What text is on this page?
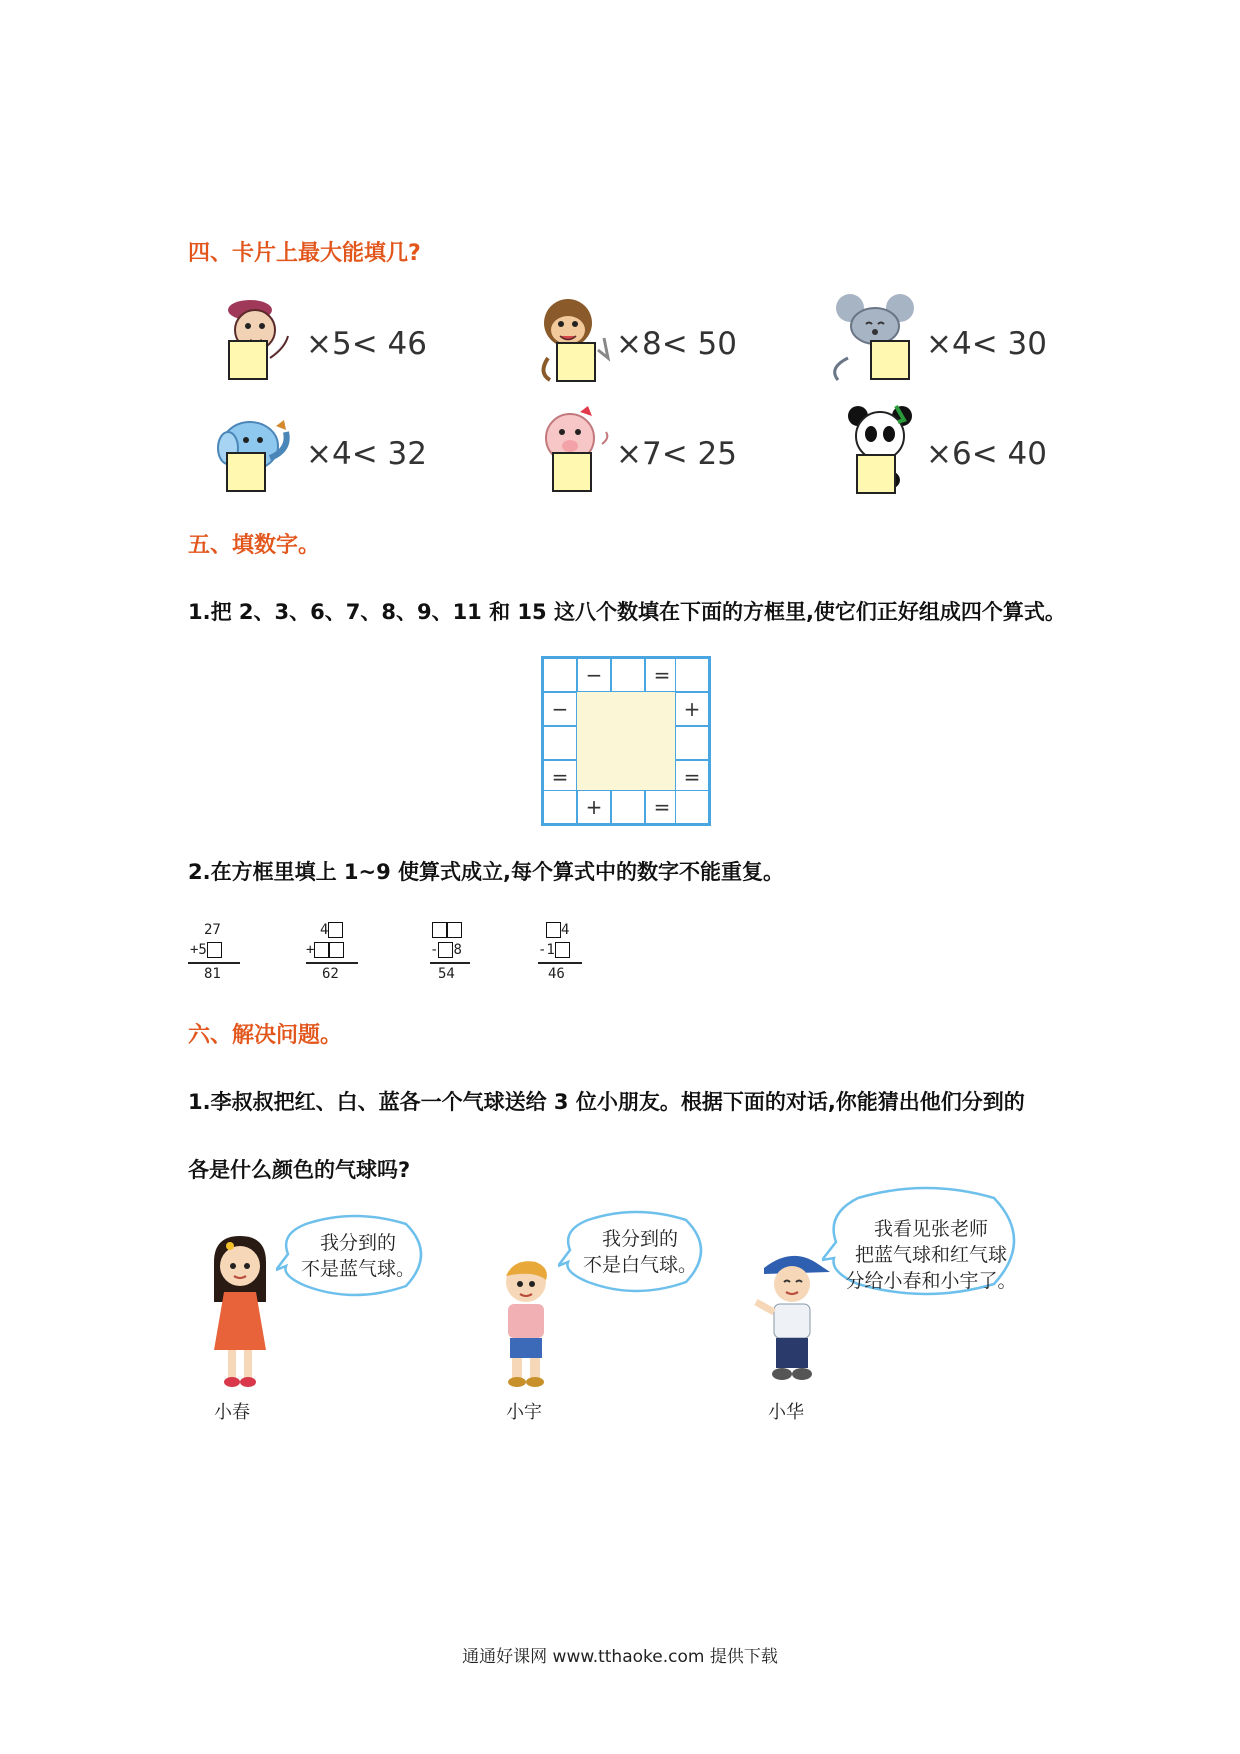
四、卡片上最大能填几?
×5< 46	×8< 50	×4< 30
×4< 32	×7< 25	×6< 40
五、填数字。
1.把 2、3、6、7、8、9、11 和 15 这八个数填在下面的方框里,使它们正好组成四个算式。
−	=
−
=
+
=
+	=
2.在方框里填上 1~9 使算式成立,每个算式中的数字不能重复。
27
+5
81
4
+
62
- 8
54
4
-1
46
六、解决问题。
1.李叔叔把红、白、蓝各一个气球送给 3 位小朋友。根据下面的对话,你能猜出他们分到的
各是什么颜色的气球吗?
我分到的
不是蓝气球。
小春
我分到的
不是白气球。
小宇
我看见张老师
把蓝气球和红气球
分给小春和小宇了。
小华
通通好课网 www.tthaoke.com 提供下载
